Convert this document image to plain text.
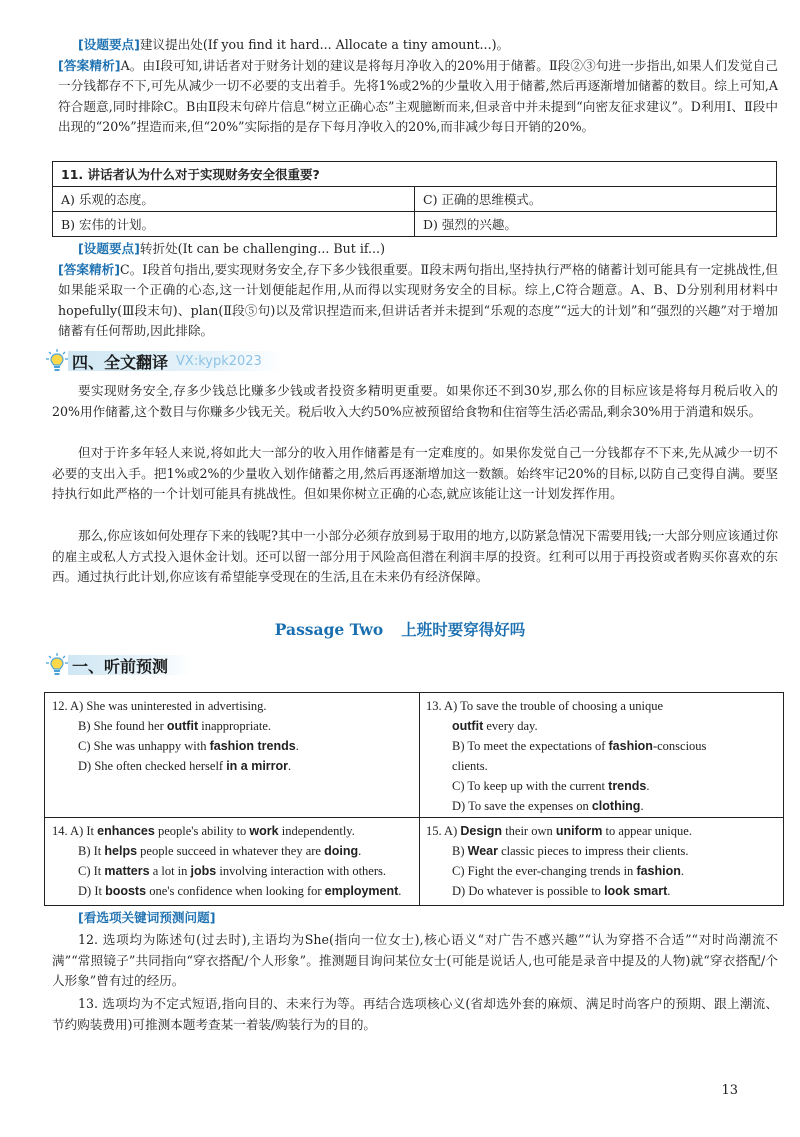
[设题要点]建议提出处(If you find it hard... Allocate a tiny amount...)。
[答案精析]A。由Ⅰ段可知,讲话者对于财务计划的建议是将每月净收入的20%用于储蓄。Ⅱ段②③句进一步指出,如果人们发觉自己一分钱都存不下,可先从减少一切不必要的支出着手。先将1%或2%的少量收入用于储蓄,然后再逐渐增加储蓄的数目。综上可知,A符合题意,同时排除C。B由Ⅱ段末句碎片信息“树立正确心态”主观臆断而来,但录音中并未提到“向密友征求建议”。D利用Ⅰ、Ⅱ段中出现的“20%”捏造而来,但“20%”实际指的是存下每月净收入的20%,而非减少每日开销的20%。
11. 讲话者认为什么对于实现财务安全很重要?	
A) 乐观的态度。	C) 正确的思维模式。
B) 宏伟的计划。	D) 强烈的兴趣。
[设题要点]转折处(It can be challenging... But if...)
[答案精析]C。Ⅰ段首句指出,要实现财务安全,存下多少钱很重要。Ⅱ段末两句指出,坚持执行严格的储蓄计划可能具有一定挑战性,但如果能采取一个正确的心态,这一计划便能起作用,从而得以实现财务安全的目标。综上,C符合题意。A、B、D分别利用材料中hopefully(Ⅲ段末句)、plan(Ⅱ段⑤句)以及常识捏造而来,但讲话者并未提到“乐观的态度”“远大的计划”和“强烈的兴趣”对于增加储蓄有任何帮助,因此排除。
四、全文翻译 VX:kypk2023
要实现财务安全,存多少钱总比赚多少钱或者投资多精明更重要。如果你还不到30岁,那么你的目标应该是将每月税后收入的20%用作储蓄,这个数目与你赚多少钱无关。税后收入大约50%应被预留给食物和住宿等生活必需品,剩余30%用于消遣和娱乐。
但对于许多年轻人来说,将如此大一部分的收入用作储蓄是有一定难度的。如果你发觉自己一分钱都存不下来,先从减少一切不必要的支出入手。把1%或2%的少量收入划作储蓄之用,然后再逐渐增加这一数额。始终牢记20%的目标,以防自己变得自满。要坚持执行如此严格的一个计划可能具有挑战性。但如果你树立正确的心态,就应该能让这一计划发挥作用。
那么,你应该如何处理存下来的钱呢?其中一小部分必须存放到易于取用的地方,以防紧急情况下需要用钱;一大部分则应该通过你的雇主或私人方式投入退休金计划。还可以留一部分用于风险高但潜在利润丰厚的投资。红利可以用于再投资或者购买你喜欢的东西。通过执行此计划,你应该有希望能享受现在的生活,且在未来仍有经济保障。
Passage Two 上班时要穿得好吗
一、听前预测
12. A) She was uninterested in advertising.
B) She found her outfit inappropriate.
C) She was unhappy with fashion trends.
D) She often checked herself in a mirror.
13. A) To save the trouble of choosing a unique
outfit every day.
B) To meet the expectations of fashion-conscious
clients.
C) To keep up with the current trends.
D) To save the expenses on clothing.
14. A) It enhances people's ability to work independently.
B) It helps people succeed in whatever they are doing.
C) It matters a lot in jobs involving interaction with others.
D) It boosts one's confidence when looking for employment.
15. A) Design their own uniform to appear unique.
B) Wear classic pieces to impress their clients.
C) Fight the ever-changing trends in fashion.
D) Do whatever is possible to look smart.
[看选项关键词预测问题]
12. 选项均为陈述句(过去时),主语均为She(指向一位女士),核心语义“对广告不感兴趣”“认为穿搭不合适”“对时尚潮流不满”“常照镜子”共同指向“穿衣搭配/个人形象”。推测题目询问某位女士(可能是说话人,也可能是录音中提及的人物)就“穿衣搭配/个人形象”曾有过的经历。
13. 选项均为不定式短语,指向目的、未来行为等。再结合选项核心义(省却选外套的麻烦、满足时尚客户的预期、跟上潮流、节约购装费用)可推测本题考查某一着装/购装行为的目的。
13
